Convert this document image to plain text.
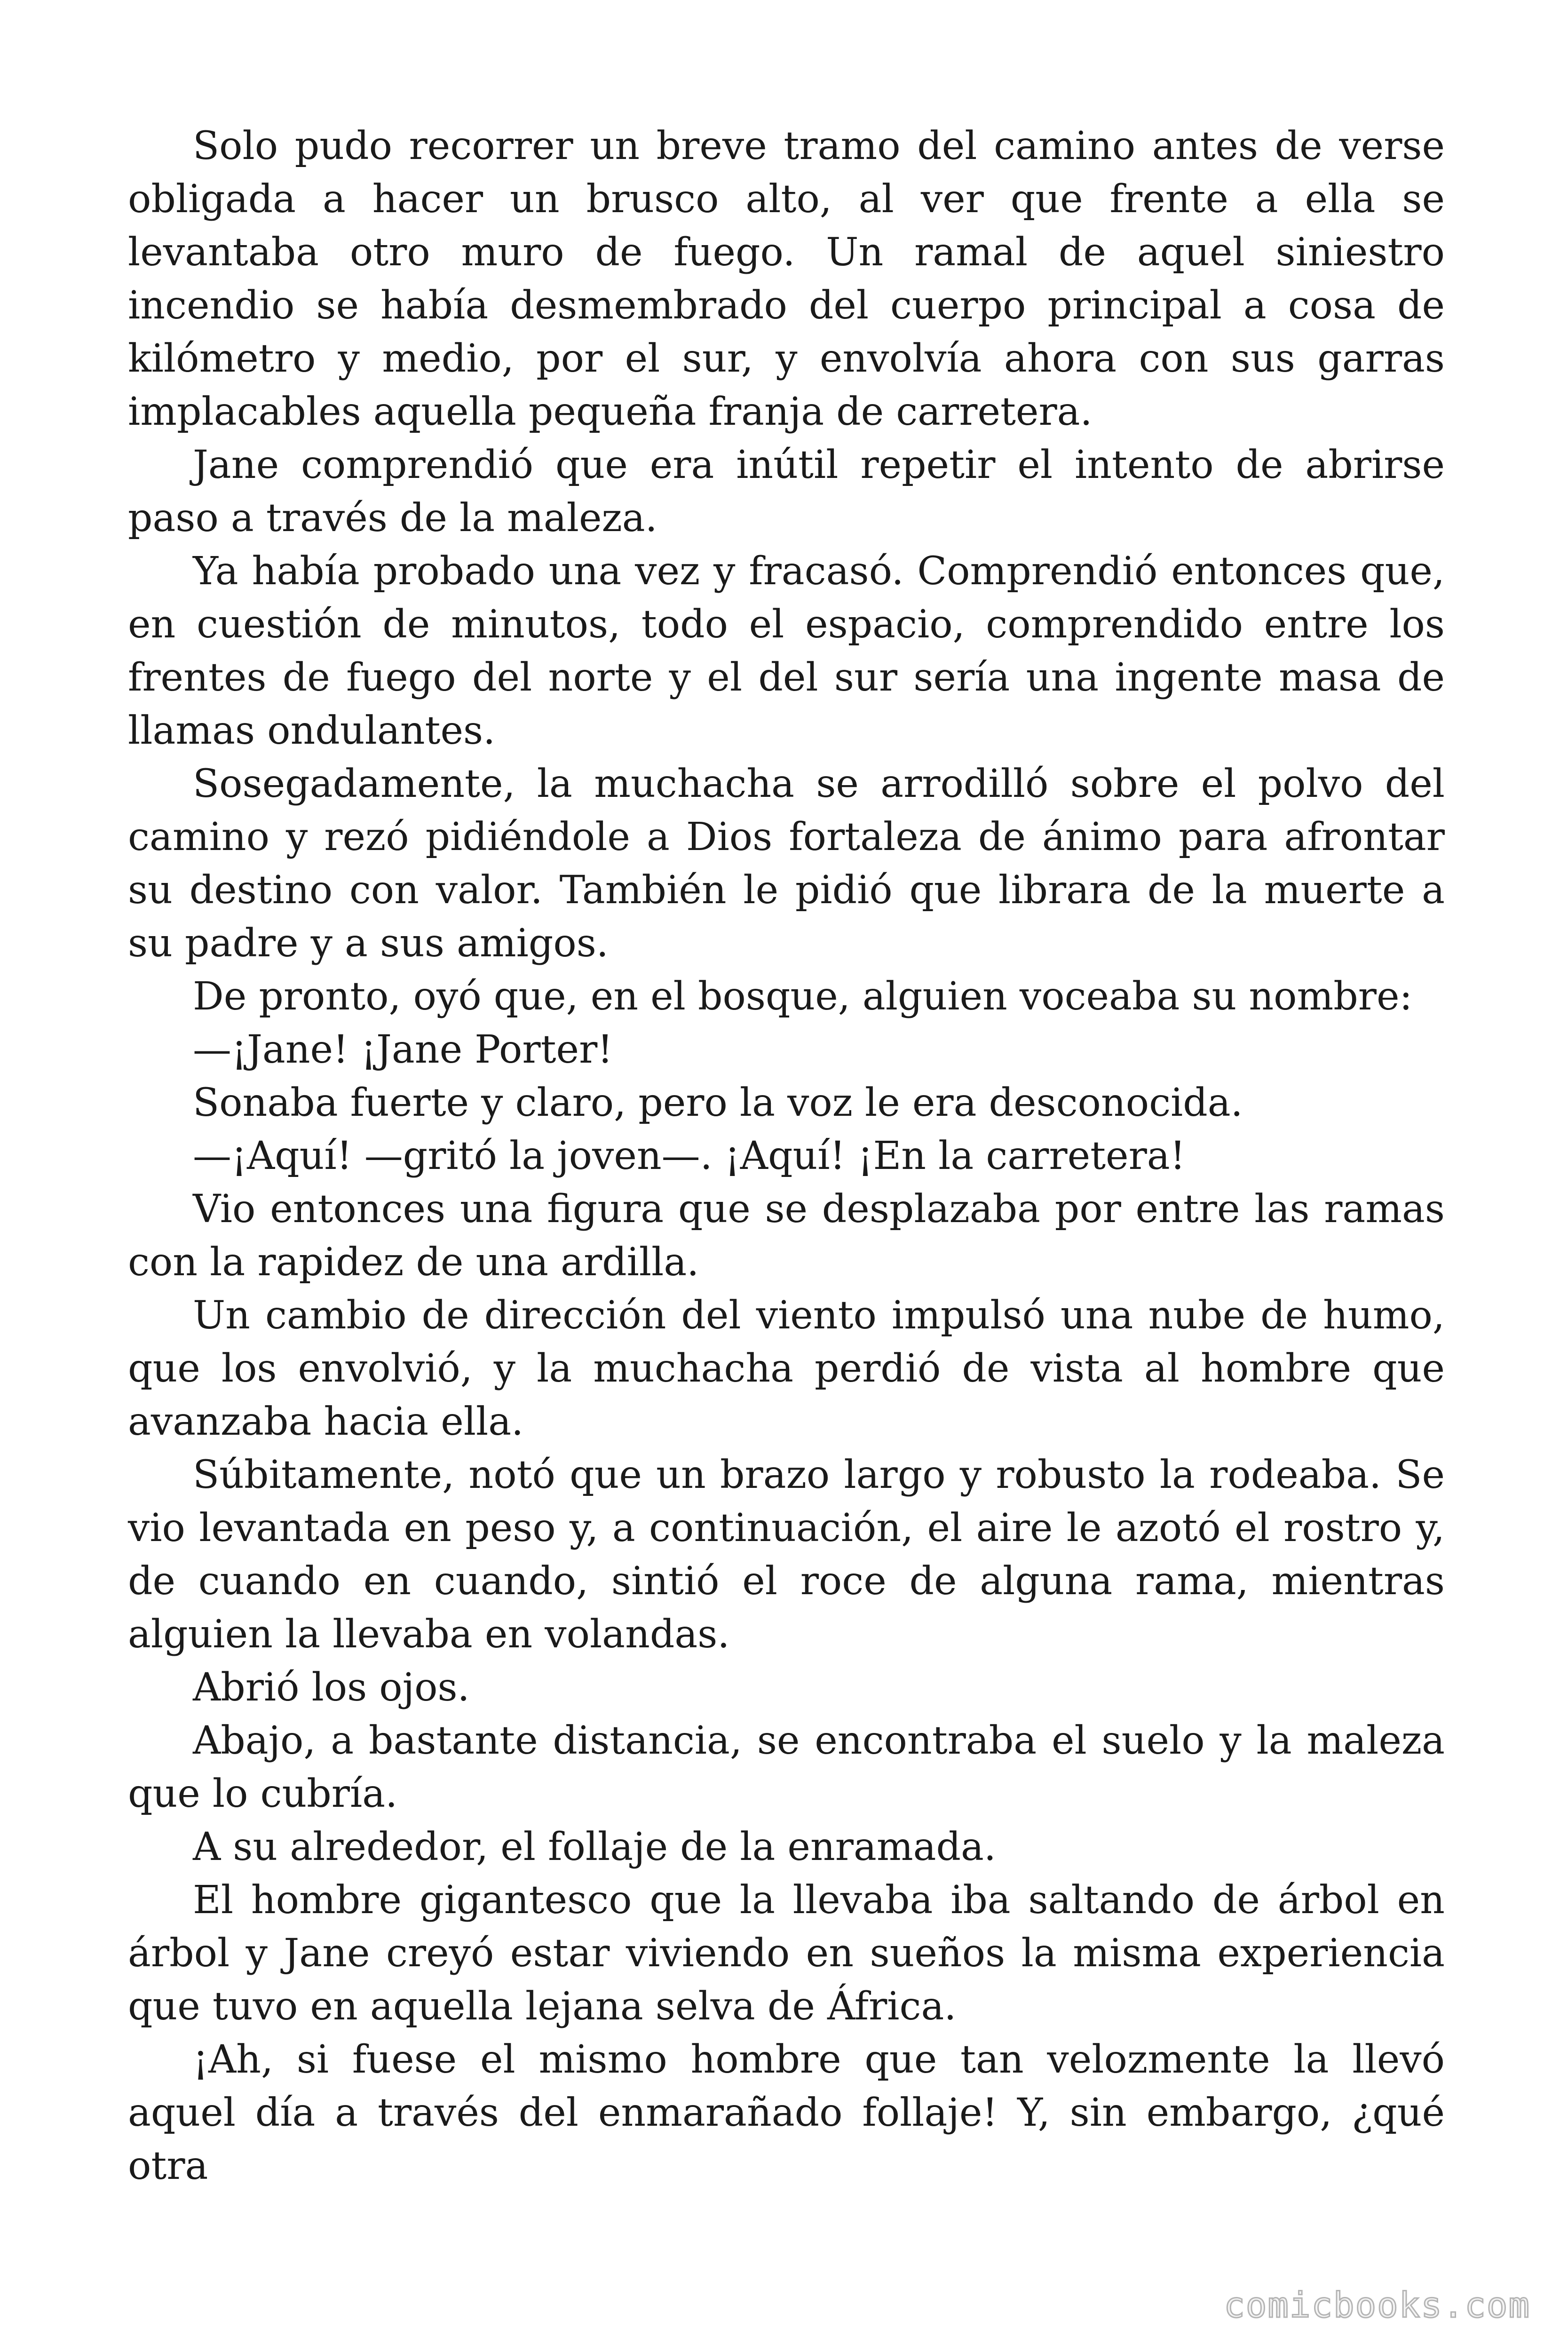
Solo pudo recorrer un breve tramo del camino antes de verse obligada a hacer un brusco alto, al ver que frente a ella se levantaba otro muro de fuego. Un ramal de aquel siniestro incendio se había desmembrado del cuerpo principal a cosa de kilómetro y medio, por el sur, y envolvía ahora con sus garras implacables aquella pequeña franja de carretera.

Jane comprendió que era inútil repetir el intento de abrirse paso a través de la maleza.

Ya había probado una vez y fracasó. Comprendió entonces que, en cuestión de minutos, todo el espacio, comprendido entre los frentes de fuego del norte y el del sur sería una ingente masa de llamas ondulantes.

Sosegadamente, la muchacha se arrodilló sobre el polvo del camino y rezó pidiéndole a Dios fortaleza de ánimo para afrontar su destino con valor. También le pidió que librara de la muerte a su padre y a sus amigos.

De pronto, oyó que, en el bosque, alguien voceaba su nombre:

—¡Jane! ¡Jane Porter!

Sonaba fuerte y claro, pero la voz le era desconocida.

—¡Aquí! —gritó la joven—. ¡Aquí! ¡En la carretera!

Vio entonces una figura que se desplazaba por entre las ramas con la rapidez de una ardilla.

Un cambio de dirección del viento impulsó una nube de humo, que los envolvió, y la muchacha perdió de vista al hombre que avanzaba hacia ella.

Súbitamente, notó que un brazo largo y robusto la rodeaba. Se vio levantada en peso y, a continuación, el aire le azotó el rostro y, de cuando en cuando, sintió el roce de alguna rama, mientras alguien la llevaba en volandas.

Abrió los ojos.

Abajo, a bastante distancia, se encontraba el suelo y la maleza que lo cubría.

A su alrededor, el follaje de la enramada.

El hombre gigantesco que la llevaba iba saltando de árbol en árbol y Jane creyó estar viviendo en sueños la misma experiencia que tuvo en aquella lejana selva de África.

¡Ah, si fuese el mismo hombre que tan velozmente la llevó aquel día a través del enmarañado follaje! Y, sin embargo, ¿qué otra

comicbooks.com
